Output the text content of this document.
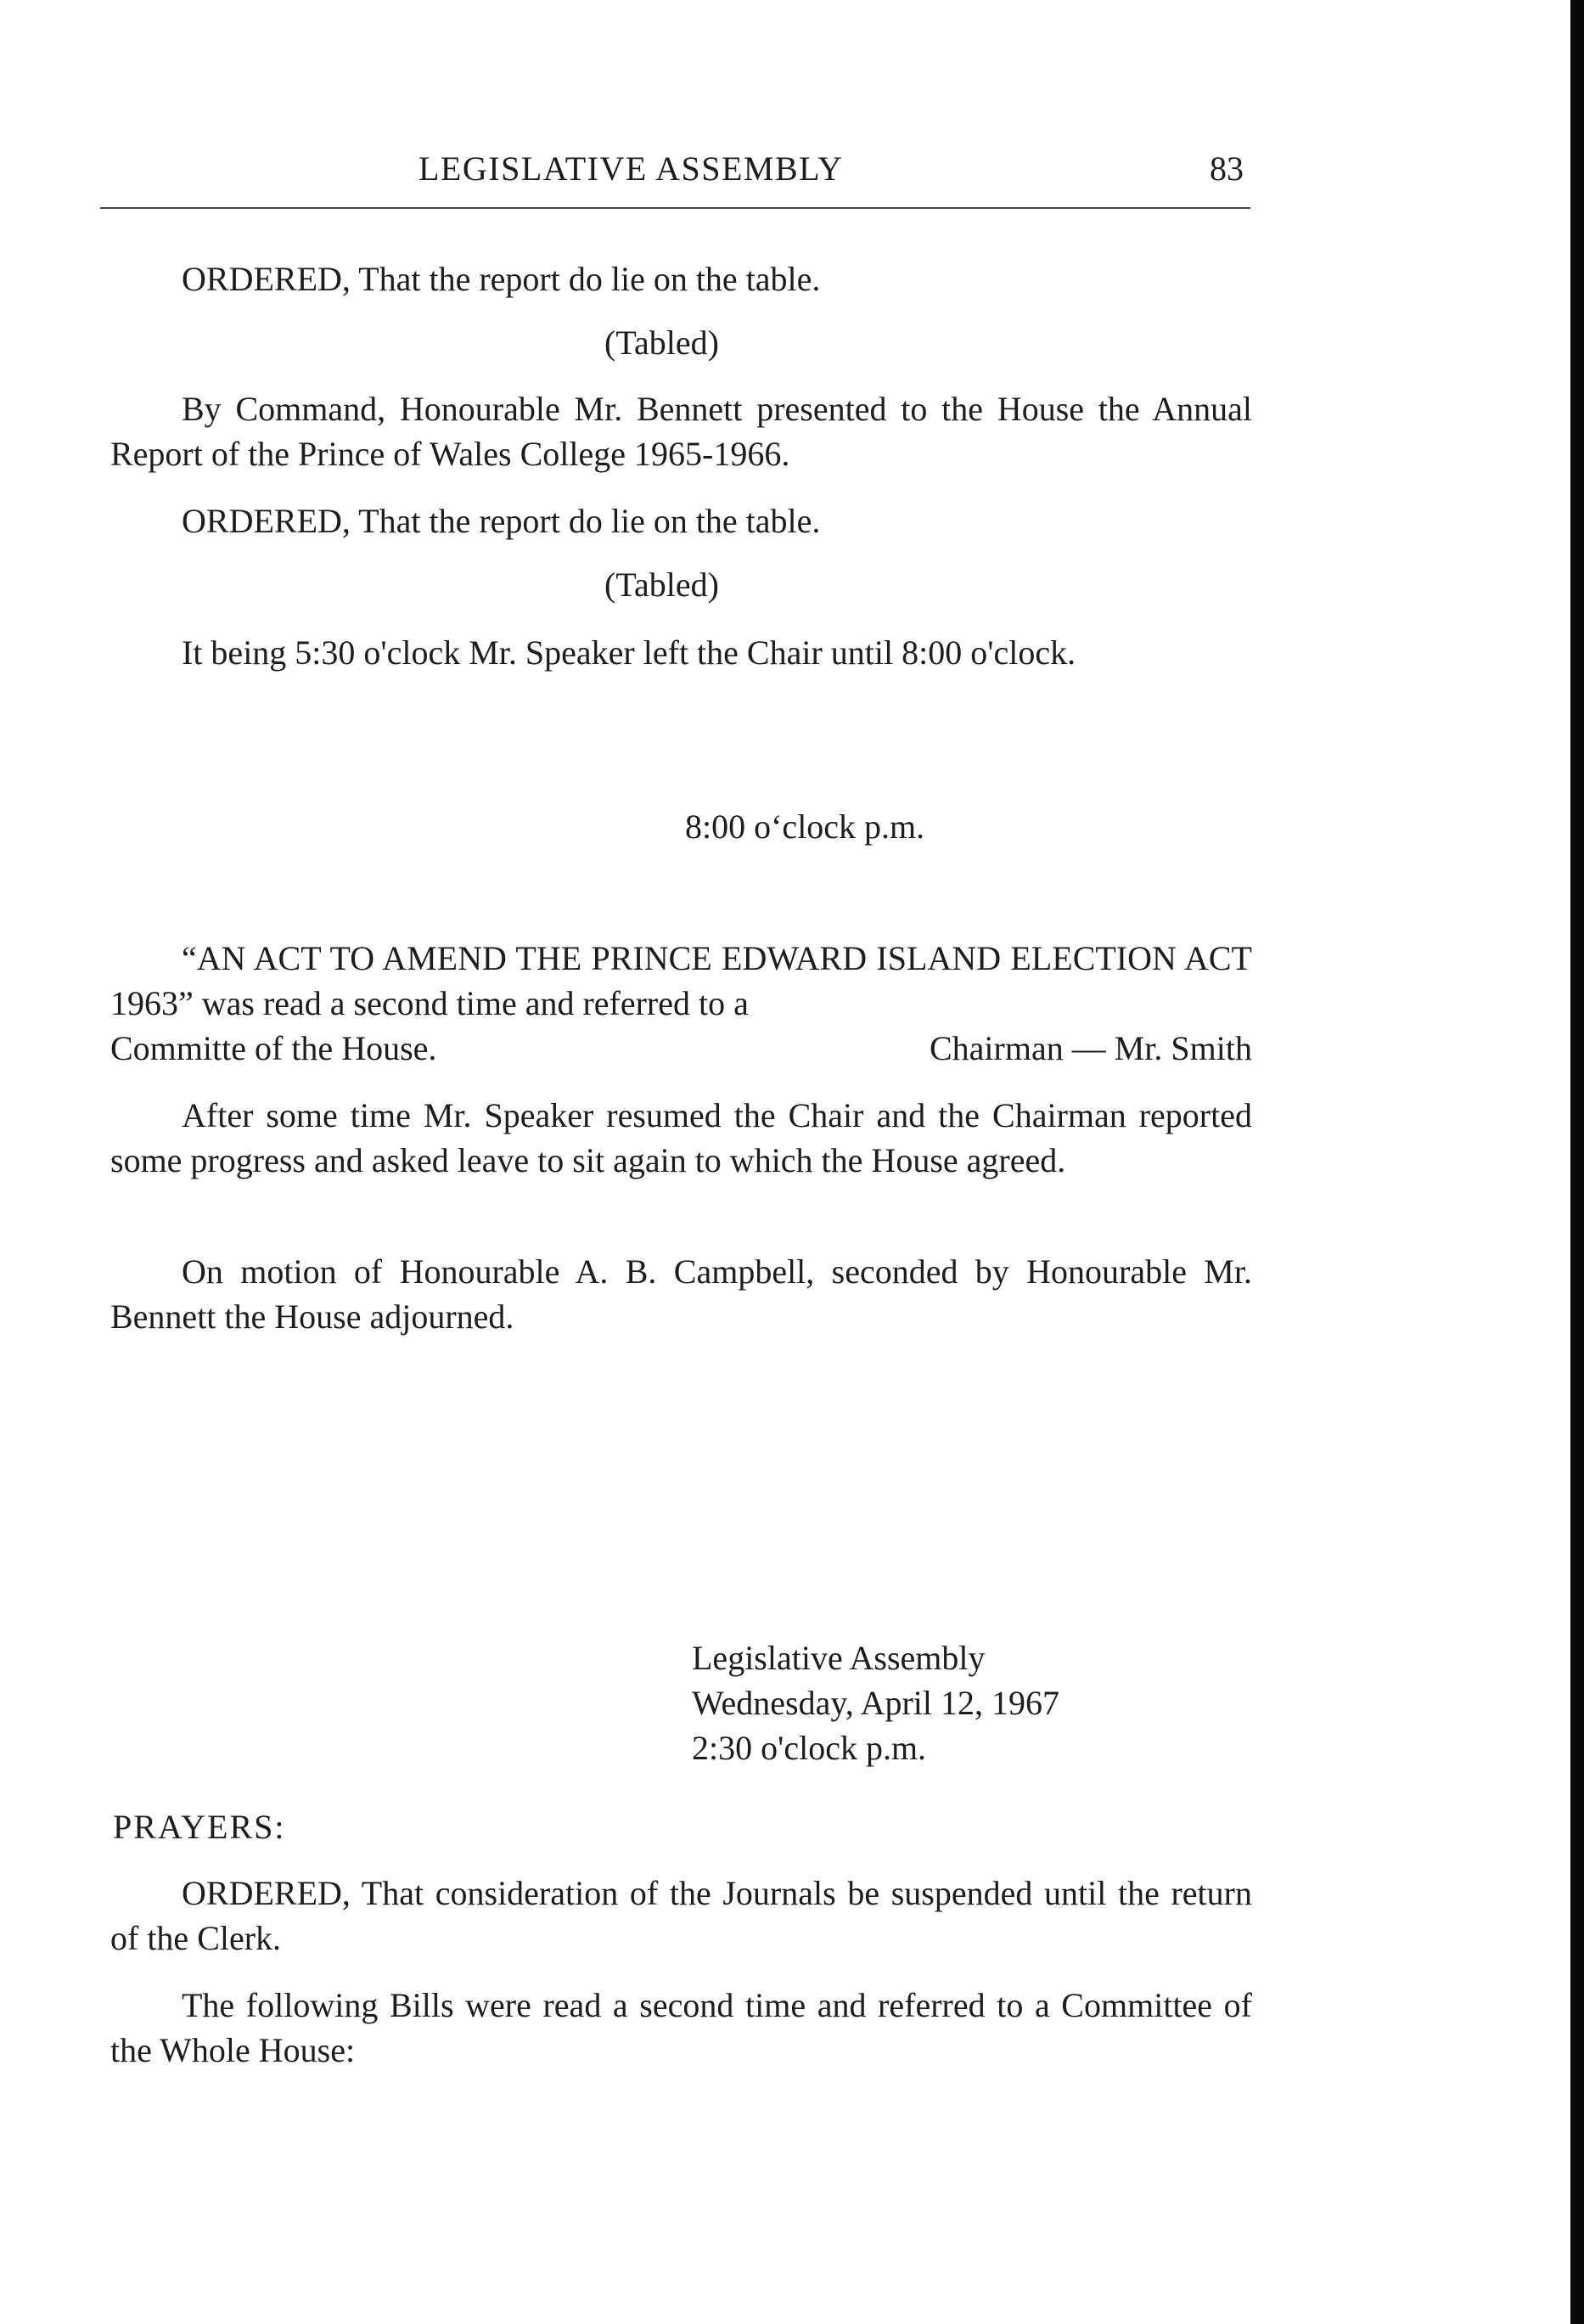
LEGISLATIVE ASSEMBLY	83

ORDERED, That the report do lie on the table.

(Tabled)

By Command, Honourable Mr. Bennett presented to the House the Annual Report of the Prince of Wales College 1965-1966.

ORDERED, That the report do lie on the table.

(Tabled)

It being 5:30 o'clock Mr. Speaker left the Chair until 8:00 o'clock.

8:00 o‘clock p.m.

“AN ACT TO AMEND THE PRINCE EDWARD ISLAND ELECTION ACT 1963” was read a second time and referred to a

Committe of the House.	Chairman — Mr. Smith

After some time Mr. Speaker resumed the Chair and the Chairman reported some progress and asked leave to sit again to which the House agreed.

On motion of Honourable A. B. Campbell, seconded by Honourable Mr. Bennett the House adjourned.

Legislative Assembly
Wednesday, April 12, 1967
2:30 o'clock p.m.
PRAYERS:

ORDERED, That consideration of the Journals be suspended until the return of the Clerk.

The following Bills were read a second time and referred to a Committee of the Whole House:
